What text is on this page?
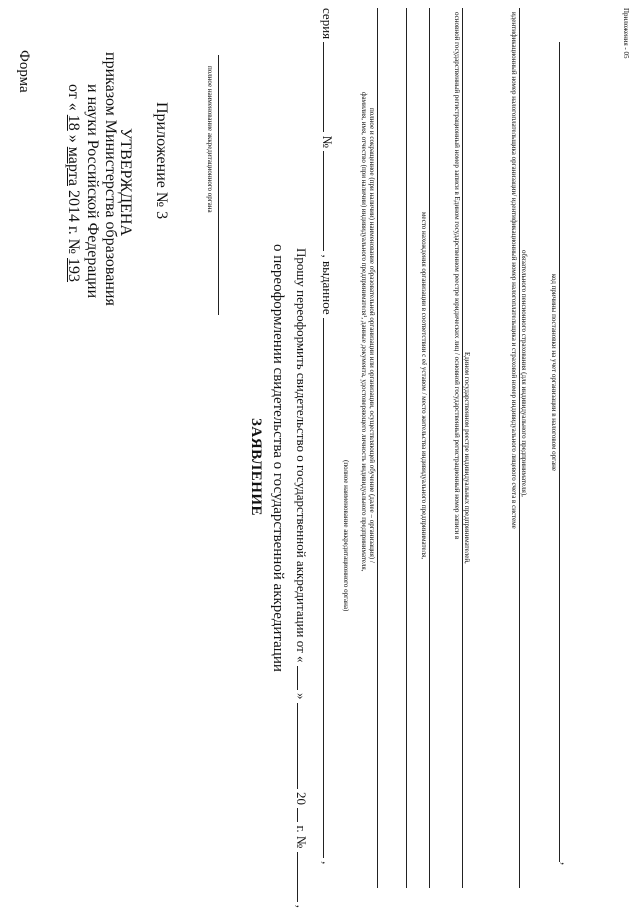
Приложение № 3
УТВЕРЖДЕНА
приказом Министерства образования
и науки Российской Федерации
от « 18 » марта 2014 г. № 193
Форма	полное наименование аккредитационного органа
ЗАЯВЛЕНИЕ о переоформлении свидетельства о государственной аккредитации Прошу переоформить свидетельство о государственной аккредитации от «  »  20  г. №  ,
серия  №  , выданное  ,
(полное наименование аккредитационного органа)	полное и сокращенное (при наличии) наименование образовательной организации или организации, осуществляющей обучение (далее – организация) /
фамилия, имя, отчество (при наличии) индивидуального предпринимателя¹, данные документа, удостоверяющего личность индивидуального предпринимателя,	место нахождения организации в соответствии с её уставом / место жительства индивидуального предпринимателя,	основной государственный регистрационный номер записи в Едином государственном реестре юридических лиц / основной государственный регистрационный номер записи в Едином государственном реестре индивидуальных предпринимателей,	идентификационный номер налогоплательщика организации/ идентификационный номер налогоплательщика и страховой номер индивидуального лицевого счета в системе обязательного пенсионного страхования (для индивидуального предпринимателя),
,
код причины постановки на учет организации в налоговом органе
Приложения - 05
